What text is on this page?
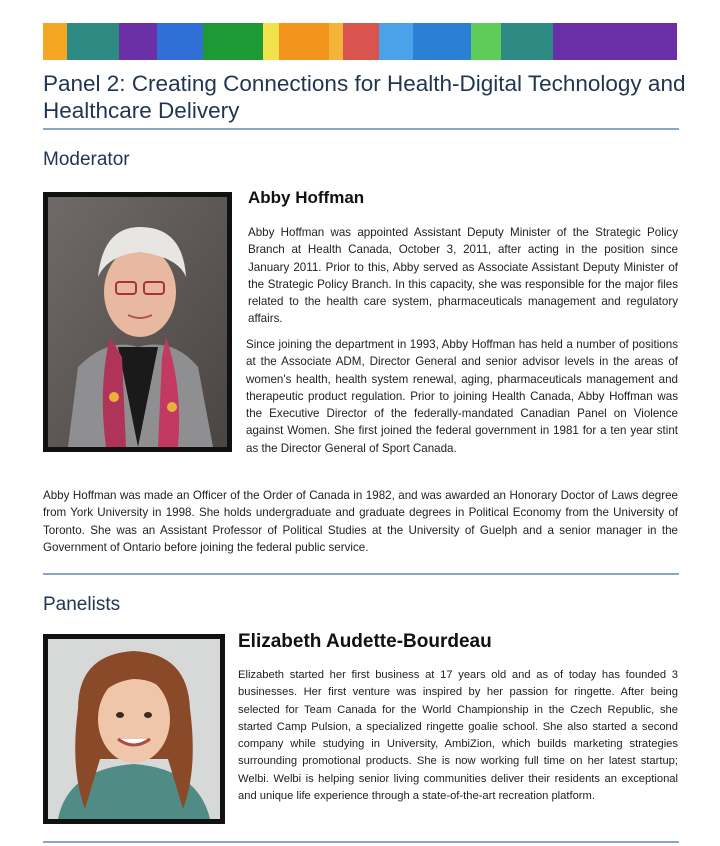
Panel 2: Creating Connections for Health-Digital Technology and Healthcare Delivery
Moderator
Abby Hoffman

Abby Hoffman was appointed Assistant Deputy Minister of the Strategic Policy Branch at Health Canada, October 3, 2011, after acting in the position since January 2011. Prior to this, Abby served as Associate Assistant Deputy Minister of the Strategic Policy Branch. In this capacity, she was responsible for the major files related to the health care system, pharmaceuticals management and regulatory affairs.

Since joining the department in 1993, Abby Hoffman has held a number of positions at the Associate ADM, Director General and senior advisor levels in the areas of women's health, health system renewal, aging, pharmaceuticals management and therapeutic product regulation. Prior to joining Health Canada, Abby Hoffman was the Executive Director of the federally-mandated Canadian Panel on Violence against Women. She first joined the federal government in 1981 for a ten year stint as the Director General of Sport Canada.

Abby Hoffman was made an Officer of the Order of Canada in 1982, and was awarded an Honorary Doctor of Laws degree from York University in 1998. She holds undergraduate and graduate degrees in Political Economy from the University of Toronto. She was an Assistant Professor of Political Studies at the University of Guelph and a senior manager in the Government of Ontario before joining the federal public service.

Panelists
Elizabeth Audette-Bourdeau

Elizabeth started her first business at 17 years old and as of today has founded 3 businesses. Her first venture was inspired by her passion for ringette. After being selected for Team Canada for the World Championship in the Czech Republic, she started Camp Pulsion, a specialized ringette goalie school. She also started a second company while studying in University, AmbiZion, which builds marketing strategies surrounding promotional products. She is now working full time on her latest startup; Welbi. Welbi is helping senior living communities deliver their residents an exceptional and unique life experience through a state-of-the-art recreation platform.
